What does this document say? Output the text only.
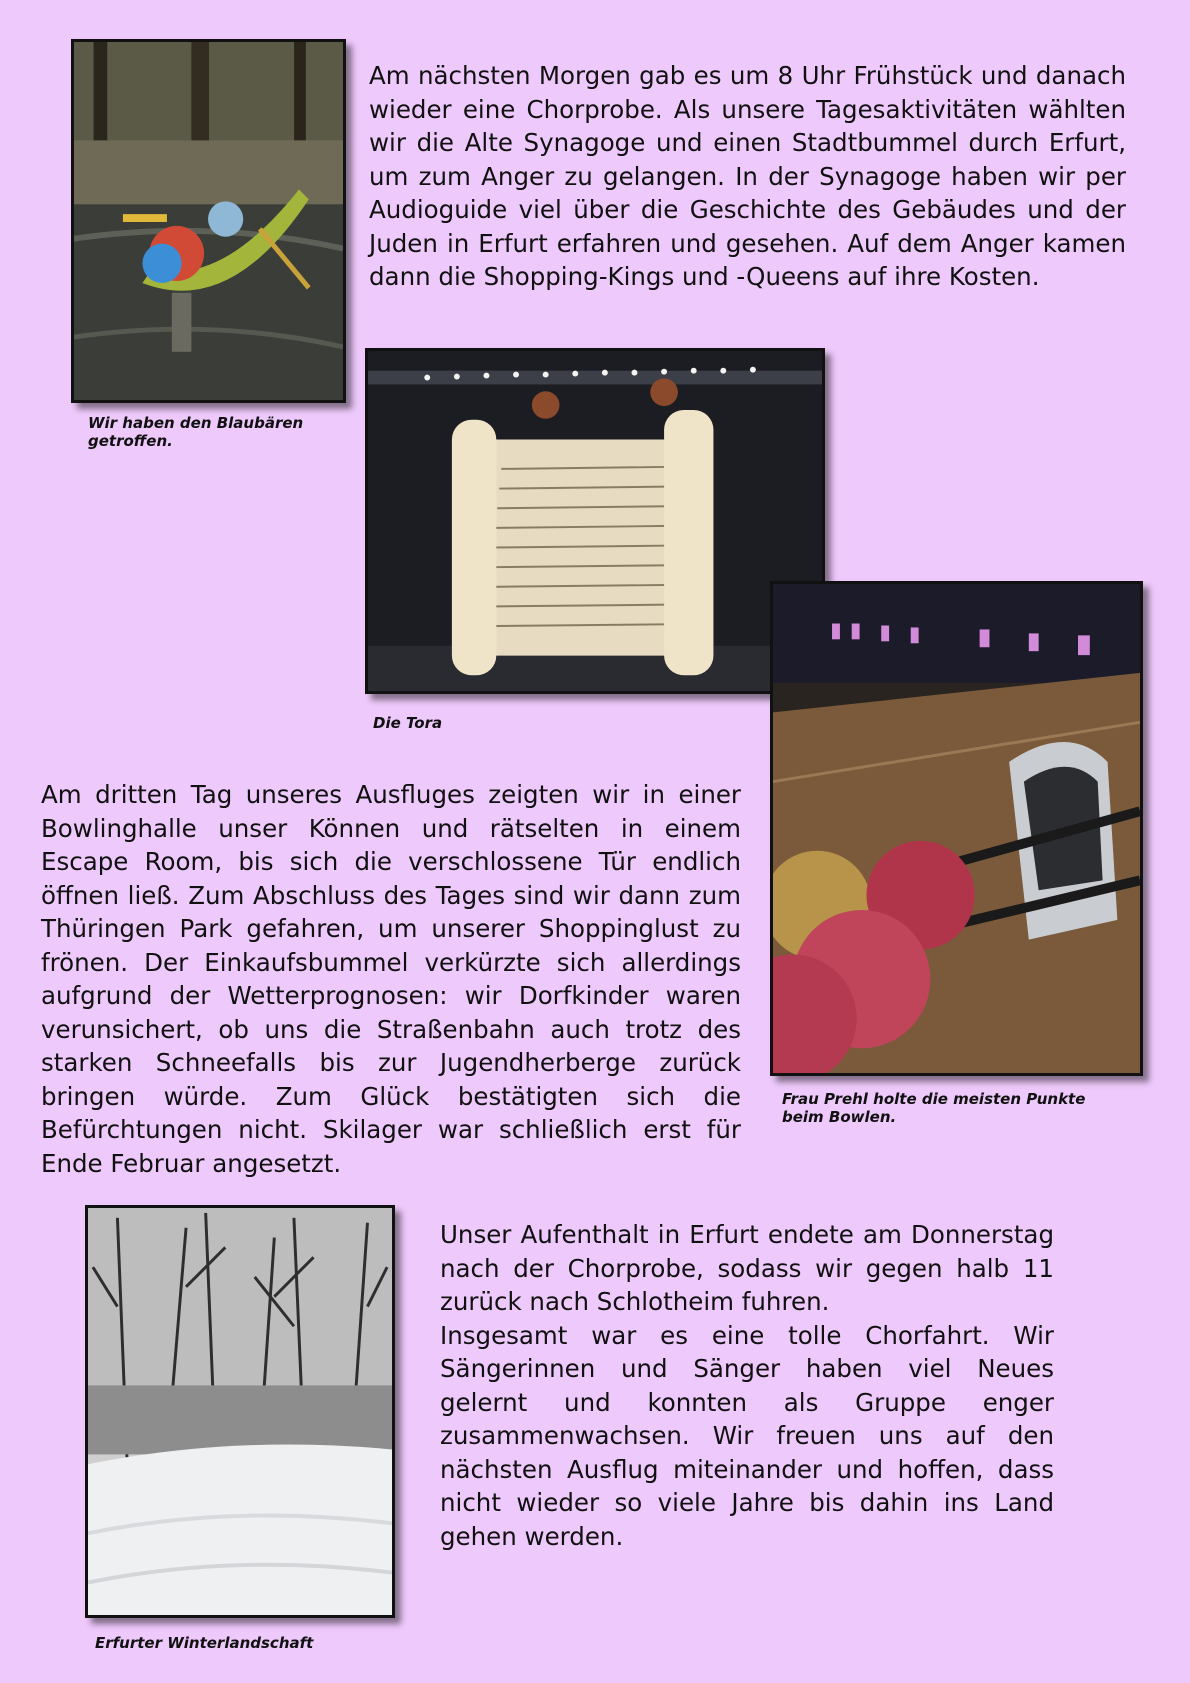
Wir haben den Blaubären getroffen.

Am nächsten Morgen gab es um 8 Uhr Frühstück und danach wieder eine Chorprobe. Als unsere Tagesaktivitäten wählten wir die Alte Synagoge und einen Stadtbummel durch Erfurt, um zum Anger zu gelangen. In der Synagoge haben wir per Audioguide viel über die Geschichte des Gebäudes und der Juden in Erfurt erfahren und gesehen. Auf dem Anger kamen dann die Shopping-Kings und -Queens auf ihre Kosten.

Die Tora
Frau Prehl holte die meisten Punkte beim Bowlen.

Am dritten Tag unseres Ausfluges zeigten wir in einer Bowlinghalle unser Können und rätselten in einem Escape Room, bis sich die verschlossene Tür endlich öffnen ließ. Zum Abschluss des Tages sind wir dann zum Thüringen Park gefahren, um unserer Shoppinglust zu frönen. Der Einkaufsbummel verkürzte sich allerdings aufgrund der Wetterprognosen: wir Dorfkinder waren verunsichert, ob uns die Straßenbahn auch trotz des starken Schneefalls bis zur Jugendherberge zurück bringen würde. Zum Glück bestätigten sich die Befürchtungen nicht. Skilager war schließlich erst für Ende Februar angesetzt.

Erfurter Winterlandschaft

Unser Aufenthalt in Erfurt endete am Donnerstag nach der Chorprobe, sodass wir gegen halb 11 zurück nach Schlotheim fuhren.

Insgesamt war es eine tolle Chorfahrt. Wir Sängerinnen und Sänger haben viel Neues gelernt und konnten als Gruppe enger zusammenwachsen. Wir freuen uns auf den nächsten Ausflug miteinander und hoffen, dass nicht wieder so viele Jahre bis dahin ins Land gehen werden.
